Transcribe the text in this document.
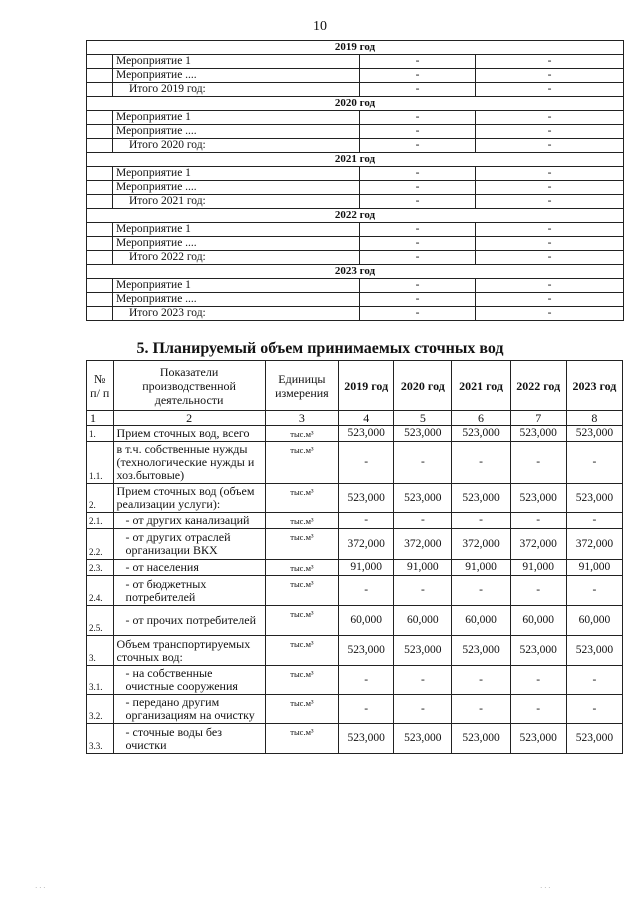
10
2019 год			
	Мероприятие 1	-	-
	Мероприятие ....	-	-
	Итого 2019 год:	-	-
2020 год			
	Мероприятие 1	-	-
	Мероприятие ....	-	-
	Итого 2020 год:	-	-
2021 год			
	Мероприятие 1	-	-
	Мероприятие ....	-	-
	Итого 2021 год:	-	-
2022 год			
	Мероприятие 1	-	-
	Мероприятие ....	-	-
	Итого 2022 год:	-	-
2023 год			
	Мероприятие 1	-	-
	Мероприятие ....	-	-
	Итого 2023 год:	-	-
5. Планируемый объем принимаемых сточных вод
№ п/ п	Показатели производственной деятельности	Единицы измерения	2019 год	2020 год	2021 год	2022 год	2023 год
1	2	3	4	5	6	7	8
1.	Прием сточных вод, всего	тыс.м³	523,000	523,000	523,000	523,000	523,000
1.1.	в т.ч. собственные нужды (технологические нужды и хоз.бытовые)	тыс.м³	-	-	-	-	-
2.	Прием сточных вод (объем реализации услуги):	тыс.м³	523,000	523,000	523,000	523,000	523,000
2.1.	- от других канализаций	тыс.м³	-	-	-	-	-
2.2.	- от других отраслей организации ВКХ	тыс.м³	372,000	372,000	372,000	372,000	372,000
2.3.	- от населения	тыс.м³	91,000	91,000	91,000	91,000	91,000
2.4.	- от бюджетных потребителей	тыс.м³	-	-	-	-	-
2.5.	- от прочих потребителей	тыс.м³	60,000	60,000	60,000	60,000	60,000
3.	Объем транспортируемых сточных вод:	тыс.м³	523,000	523,000	523,000	523,000	523,000
3.1.	- на собственные очистные сооружения	тыс.м³	-	-	-	-	-
3.2.	- передано другим организациям на очистку	тыс.м³	-	-	-	-	-
3.3.	- сточные воды без очистки	тыс.м³	523,000	523,000	523,000	523,000	523,000
· · ·	· · ·
